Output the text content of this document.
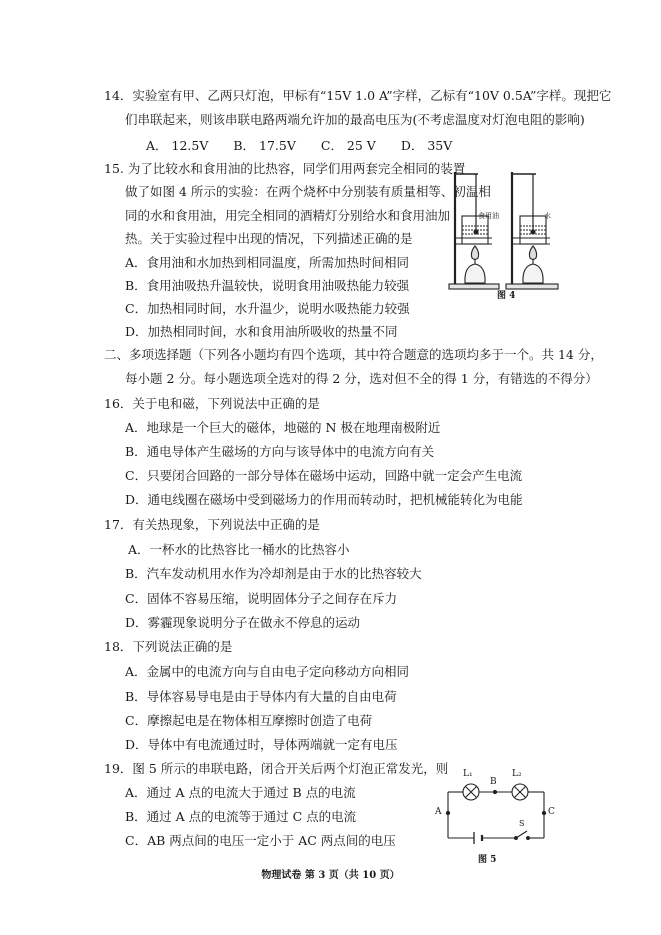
14．实验室有甲、乙两只灯泡，甲标有“15V 1.0 A”字样，乙标有“10V 0.5A”字样。现把它
们串联起来，则该串联电路两端允许加的最高电压为(不考虑温度对灯泡电阻的影响)
A． 12.5V　　B． 17.5V　　C． 25 V　　D． 35V
15. 为了比较水和食用油的比热容，同学们用两套完全相同的装置
做了如图 4 所示的实验：在两个烧杯中分别装有质量相等、初温相
同的水和食用油，用完全相同的酒精灯分别给水和食用油加
热。关于实验过程中出现的情况，下列描述正确的是
A．食用油和水加热到相同温度，所需加热时间相同
B．食用油吸热升温较快，说明食用油吸热能力较强
C．加热相同时间，水升温少，说明水吸热能力较强
D．加热相同时间，水和食用油所吸收的热量不同
食用油	水
图 4
二、多项选择题（下列各小题均有四个选项，其中符合题意的选项均多于一个。共 14 分，
每小题 2 分。每小题选项全选对的得 2 分，选对但不全的得 1 分，有错选的不得分）
16．关于电和磁，下列说法中正确的是
A．地球是一个巨大的磁体，地磁的 N 极在地理南极附近
B．通电导体产生磁场的方向与该导体中的电流方向有关
C．只要闭合回路的一部分导体在磁场中运动，回路中就一定会产生电流
D．通电线圈在磁场中受到磁场力的作用而转动时，把机械能转化为电能
17．有关热现象，下列说法中正确的是
A．一杯水的比热容比一桶水的比热容小
B．汽车发动机用水作为冷却剂是由于水的比热容较大
C．固体不容易压缩，说明固体分子之间存在斥力
D．雾霾现象说明分子在做永不停息的运动
18．下列说法正确的是
A．金属中的电流方向与自由电子定向移动方向相同
B．导体容易导电是由于导体内有大量的自由电荷
C．摩擦起电是在物体相互摩擦时创造了电荷
D．导体中有电流通过时，导体两端就一定有电压
19．图 5 所示的串联电路，闭合开关后两个灯泡正常发光，则
A．通过 A 点的电流大于通过 B 点的电流
B．通过 A 点的电流等于通过 C 点的电流
C．AB 两点间的电压一定小于 AC 两点间的电压
L₁	L₂
B
A	C
S
图 5
物理试卷 第 3 页（共 10 页）
